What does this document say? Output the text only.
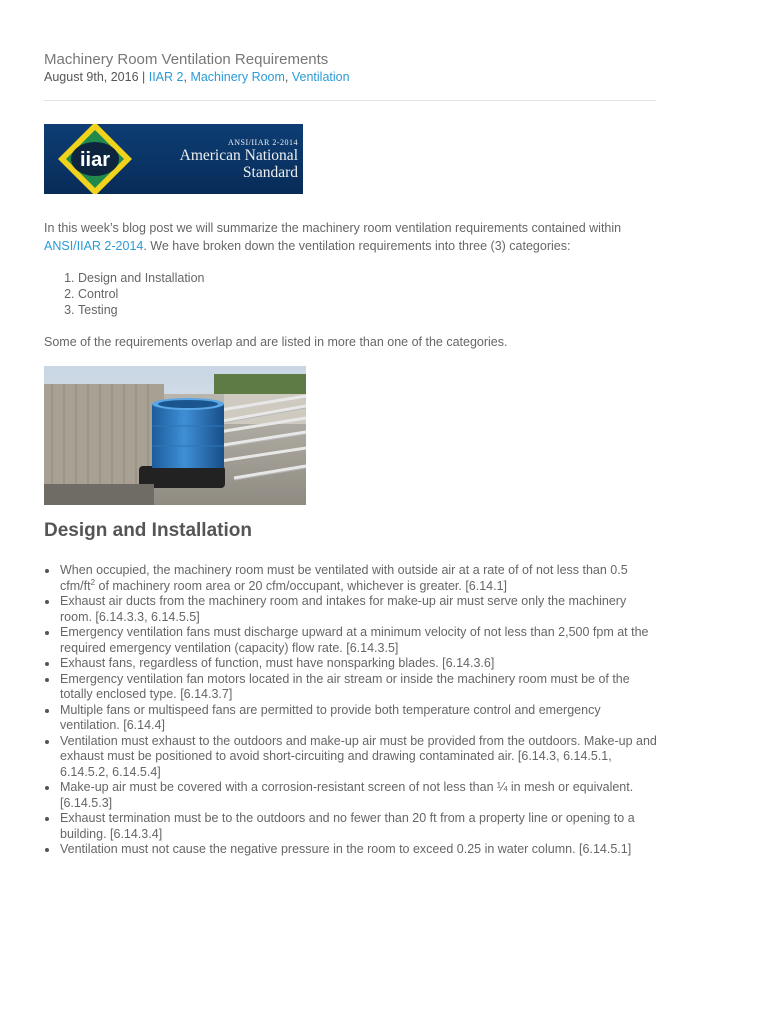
Machinery Room Ventilation Requirements
August 9th, 2016 | IIAR 2, Machinery Room, Ventilation
iiar
ANSI/IIAR 2-2014
American National
Standard

In this week’s blog post we will summarize the machinery room ventilation requirements contained within ANSI/IIAR 2-2014. We have broken down the ventilation requirements into three (3) categories:

1. Design and Installation
2. Control
3. Testing

Some of the requirements overlap and are listed in more than one of the categories.

Design and Installation
When occupied, the machinery room must be ventilated with outside air at a rate of of not less than 0.5 cfm/$ft^2$ of machinery room area or 20 cfm/occupant, whichever is greater. [6.14.1]
Exhaust air ducts from the machinery room and intakes for make-up air must serve only the machinery room. [6.14.3.3, 6.14.5.5]
Emergency ventilation fans must discharge upward at a minimum velocity of not less than 2,500 fpm at the required emergency ventilation (capacity) flow rate. [6.14.3.5]
Exhaust fans, regardless of function, must have nonsparking blades. [6.14.3.6]
Emergency ventilation fan motors located in the air stream or inside the machinery room must be of the totally enclosed type. [6.14.3.7]
Multiple fans or multispeed fans are permitted to provide both temperature control and emergency ventilation. [6.14.4]
Ventilation must exhaust to the outdoors and make-up air must be provided from the outdoors. Make-up and exhaust must be positioned to avoid short-circuiting and drawing contaminated air. [6.14.3, 6.14.5.1, 6.14.5.2, 6.14.5.4]
Make-up air must be covered with a corrosion-resistant screen of not less than ¼ in mesh or equivalent. [6.14.5.3]
Exhaust termination must be to the outdoors and no fewer than 20 ft from a property line or opening to a building. [6.14.3.4]
Ventilation must not cause the negative pressure in the room to exceed 0.25 in water column. [6.14.5.1]
